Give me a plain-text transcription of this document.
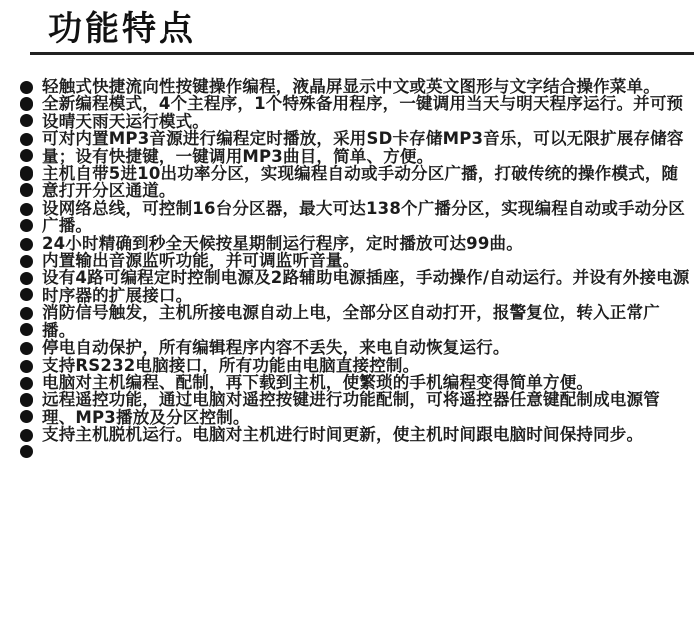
功能特点
轻触式快捷流向性按键操作编程，液晶屏显示中文或英文图形与文字结合操作菜单。
全新编程模式，4个主程序，1个特殊备用程序，一键调用当天与明天程序运行。并可预设晴天雨天运行模式。
可对内置MP3音源进行编程定时播放，采用SD卡存储MP3音乐，可以无限扩展存储容量；设有快捷键，一键调用MP3曲目，简单、方便。
主机自带5进10出功率分区，实现编程自动或手动分区广播，打破传统的操作模式，随意打开分区通道。
设网络总线，可控制16台分区器，最大可达138个广播分区，实现编程自动或手动分区广播。
24小时精确到秒全天候按星期制运行程序，定时播放可达99曲。
内置输出音源监听功能，并可调监听音量。
设有4路可编程定时控制电源及2路辅助电源插座，手动操作/自动运行。并设有外接电源时序器的扩展接口。
消防信号触发，主机所接电源自动上电，全部分区自动打开，报警复位，转入正常广播。
停电自动保护，所有编辑程序内容不丢失，来电自动恢复运行。
支持RS232电脑接口，所有功能由电脑直接控制。
电脑对主机编程、配制，再下载到主机，使繁琐的手机编程变得简单方便。
远程遥控功能，通过电脑对遥控按键进行功能配制，可将遥控器任意键配制成电源管理、MP3播放及分区控制。
支持主机脱机运行。电脑对主机进行时间更新，使主机时间跟电脑时间保持同步。
